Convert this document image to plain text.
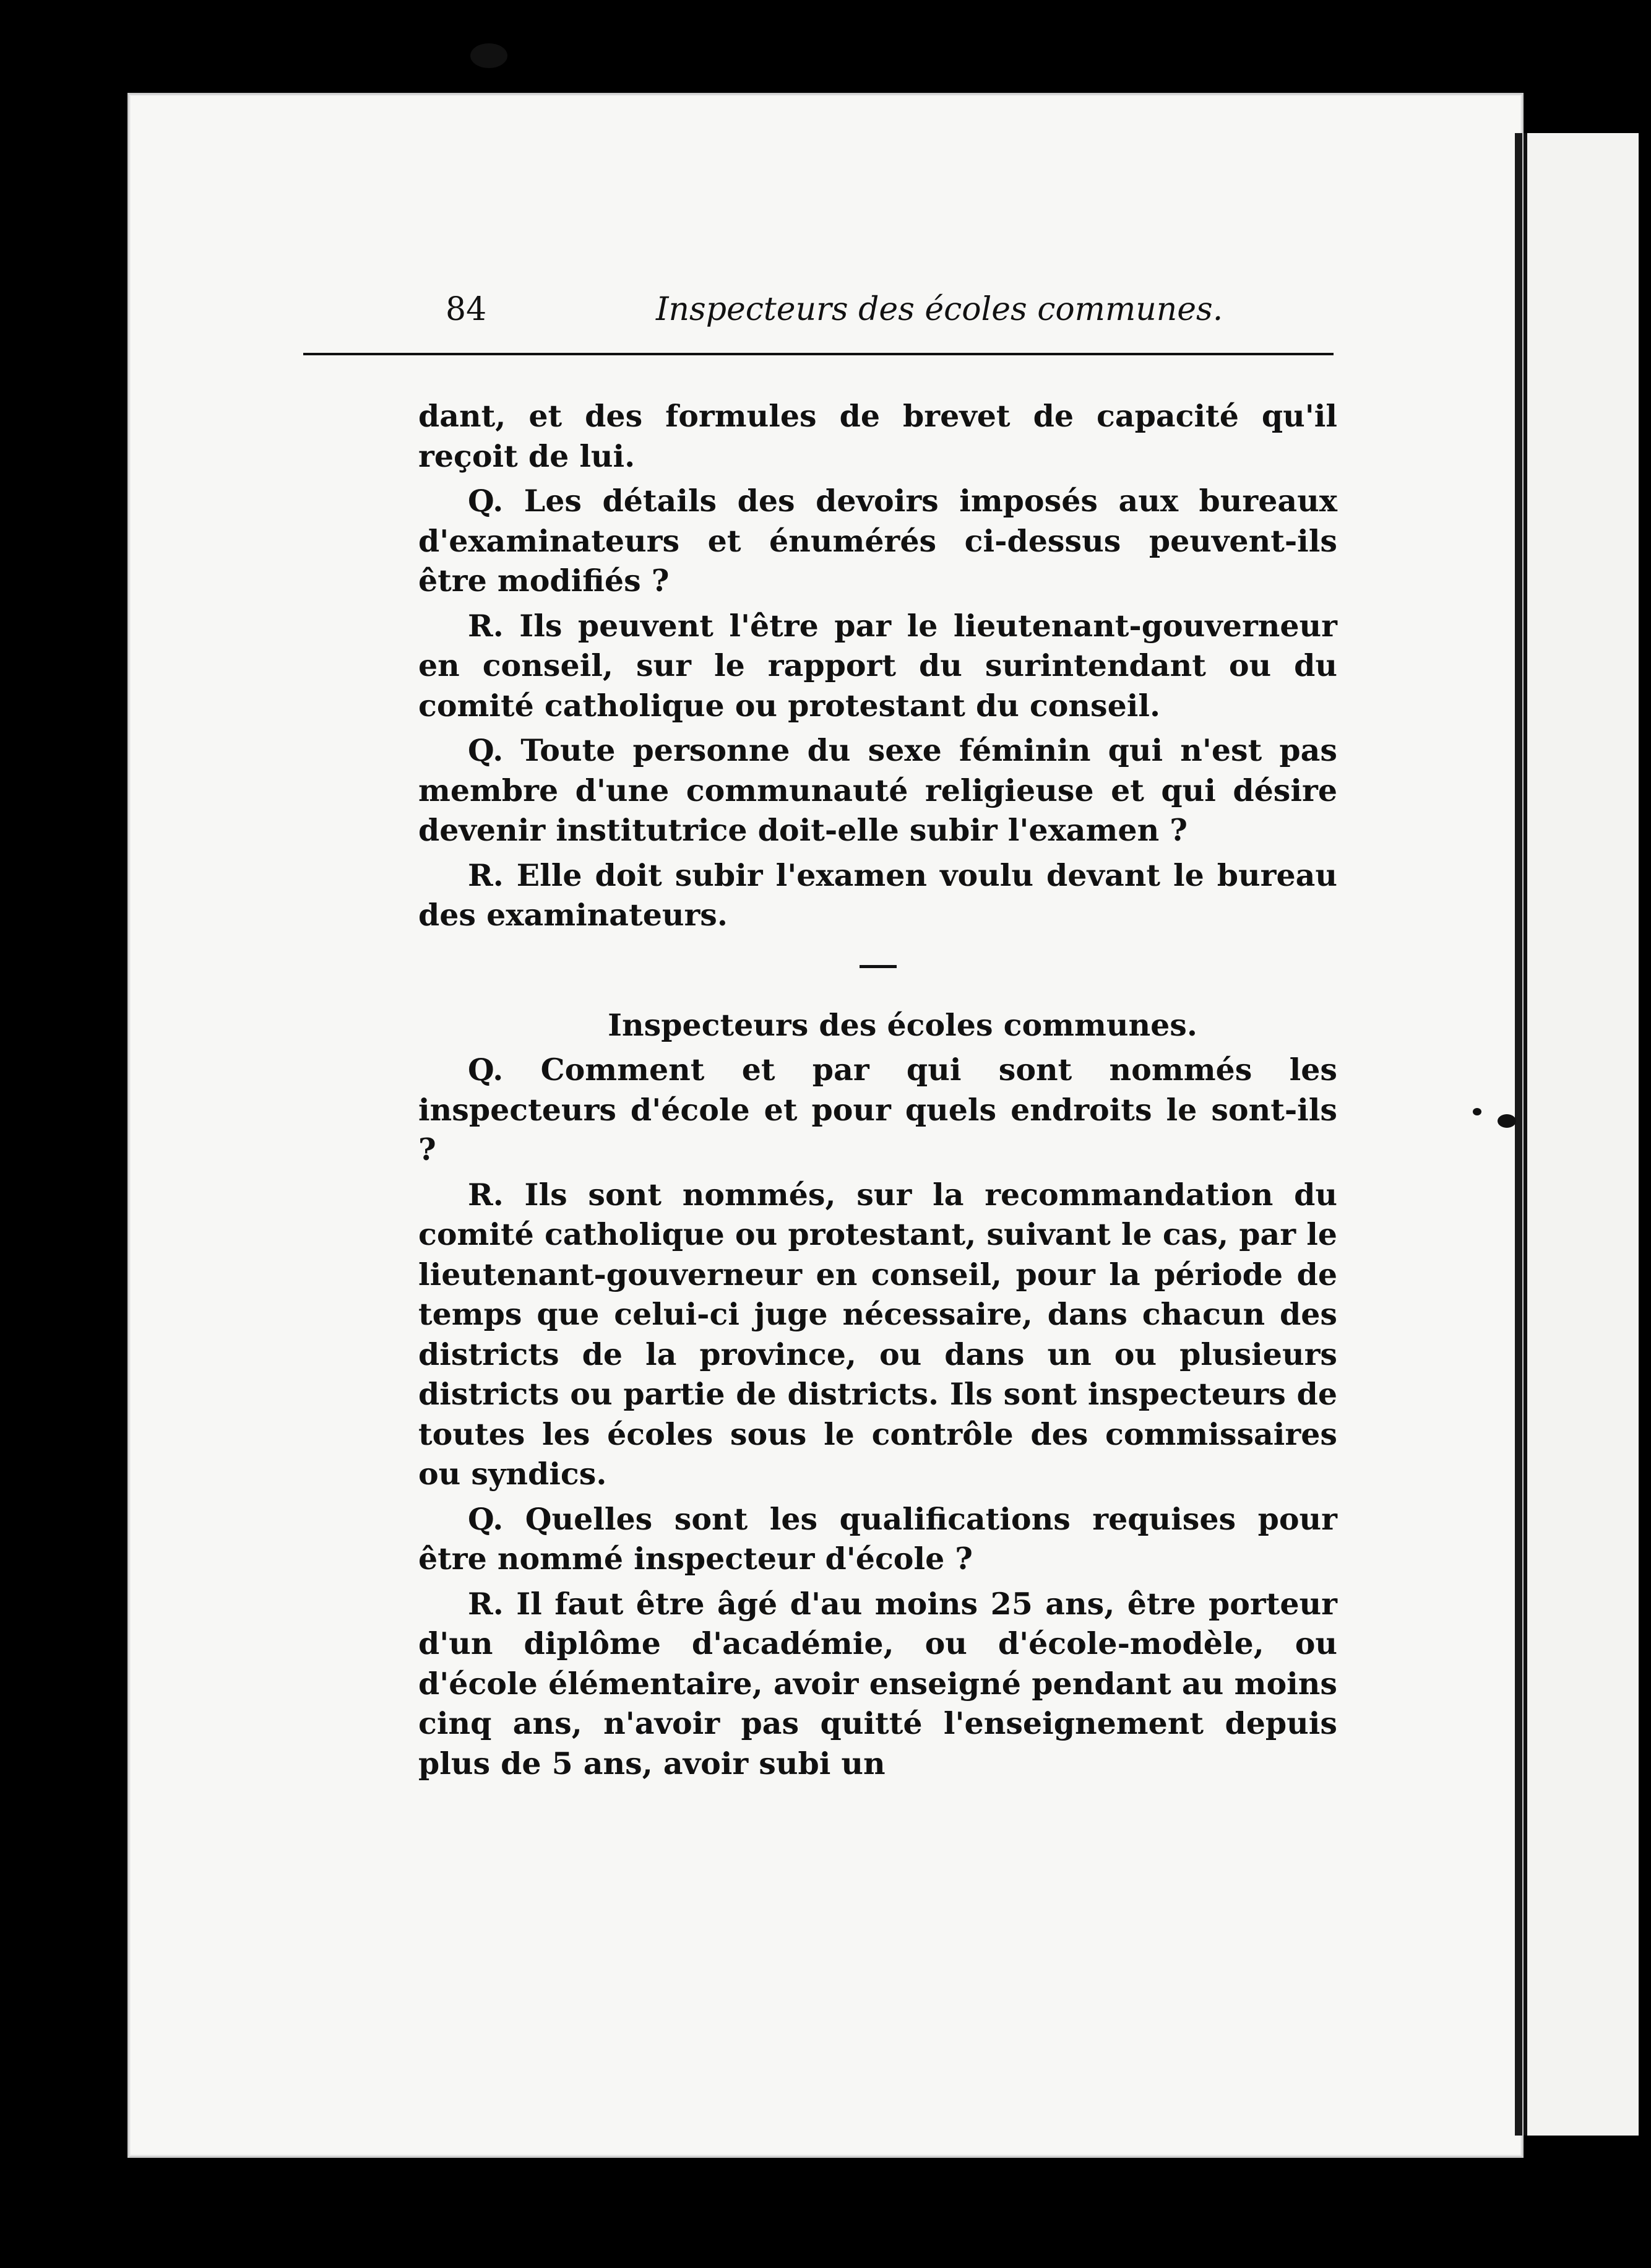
84	Inspecteurs des écoles communes.

dant, et des formules de brevet de capacité qu'il reçoit de lui.

Q. Les détails des devoirs imposés aux bureaux d'examinateurs et énumérés ci-dessus peuvent-ils être modifiés ?

R. Ils peuvent l'être par le lieutenant-gouverneur en conseil, sur le rapport du surintendant ou du comité catholique ou protestant du conseil.

Q. Toute personne du sexe féminin qui n'est pas membre d'une communauté religieuse et qui désire devenir institutrice doit-elle subir l'examen ?

R. Elle doit subir l'examen voulu devant le bureau des examinateurs.

Inspecteurs des écoles communes.

Q. Comment et par qui sont nommés les inspecteurs d'école et pour quels endroits le sont-ils ?

R. Ils sont nommés, sur la recommandation du comité catholique ou protestant, suivant le cas, par le lieutenant-gouverneur en conseil, pour la période de temps que celui-ci juge nécessaire, dans chacun des districts de la province, ou dans un ou plusieurs districts ou partie de districts. Ils sont inspecteurs de toutes les écoles sous le contrôle des commissaires ou syndics.

Q. Quelles sont les qualifications requises pour être nommé inspecteur d'école ?

R. Il faut être âgé d'au moins 25 ans, être porteur d'un diplôme d'académie, ou d'école-modèle, ou d'école élémentaire, avoir enseigné pendant au moins cinq ans, n'avoir pas quitté l'enseignement depuis plus de 5 ans, avoir subi un
